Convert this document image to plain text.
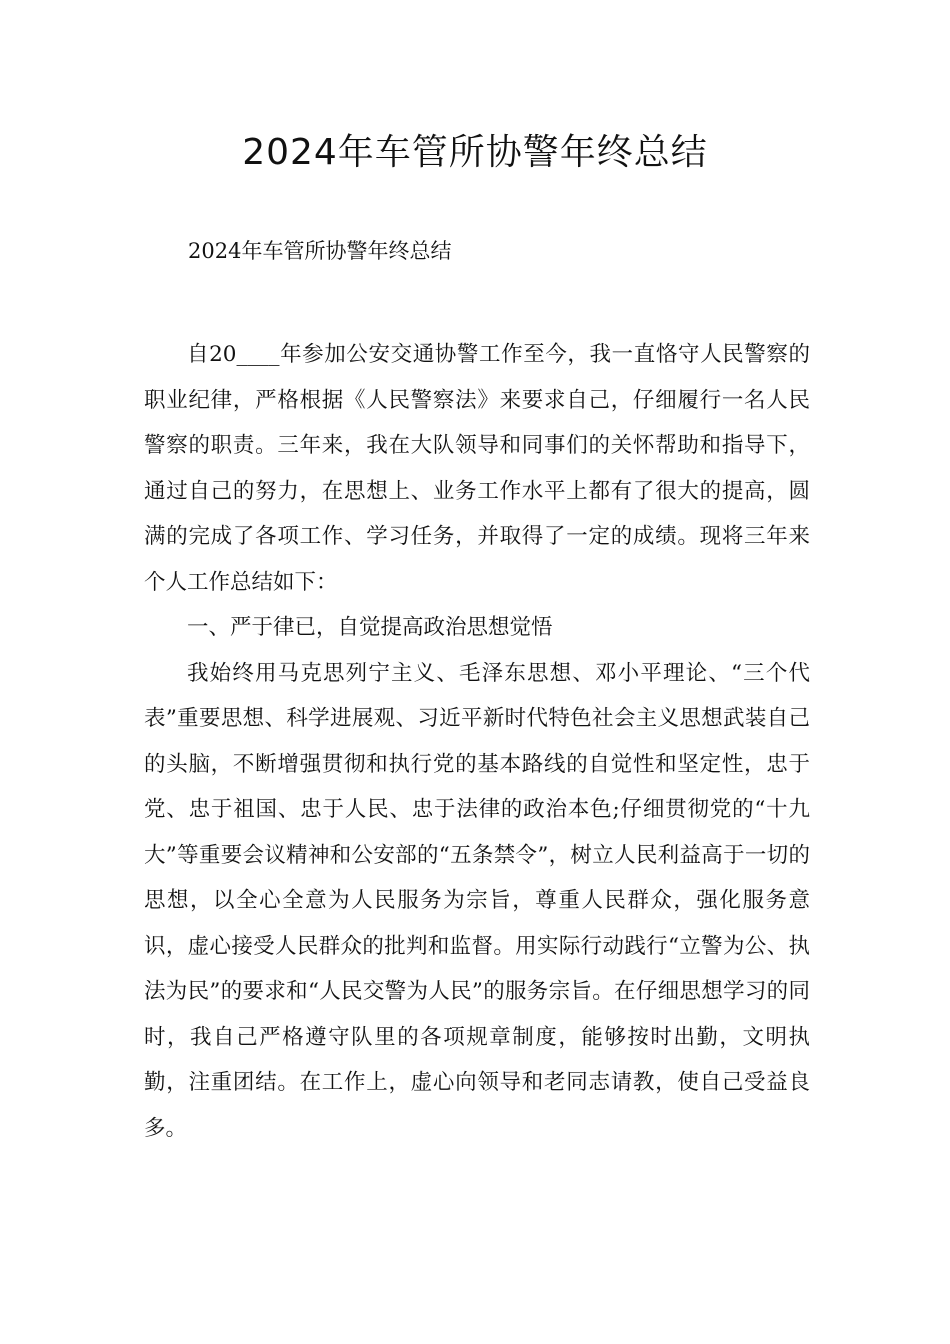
2024年车管所协警年终总结
2024年车管所协警年终总结

自20____年参加公安交通协警工作至今，我一直恪守人民警察的职业纪律，严格根据《人民警察法》来要求自己，仔细履行一名人民警察的职责。三年来，我在大队领导和同事们的关怀帮助和指导下，通过自己的努力，在思想上、业务工作水平上都有了很大的提高，圆满的完成了各项工作、学习任务，并取得了一定的成绩。现将三年来个人工作总结如下：

一、严于律已，自觉提高政治思想觉悟

我始终用马克思列宁主义、毛泽东思想、邓小平理论、“三个代表”重要思想、科学进展观、习近平新时代特色社会主义思想武装自己的头脑，不断增强贯彻和执行党的基本路线的自觉性和坚定性，忠于党、忠于祖国、忠于人民、忠于法律的政治本色;仔细贯彻党的“十九大”等重要会议精神和公安部的“五条禁令”，树立人民利益高于一切的思想，以全心全意为人民服务为宗旨，尊重人民群众，强化服务意识，虚心接受人民群众的批判和监督。用实际行动践行“立警为公、执法为民”的要求和“人民交警为人民”的服务宗旨。在仔细思想学习的同时，我自己严格遵守队里的各项规章制度，能够按时出勤，文明执勤，注重团结。在工作上，虚心向领导和老同志请教，使自己受益良多。
